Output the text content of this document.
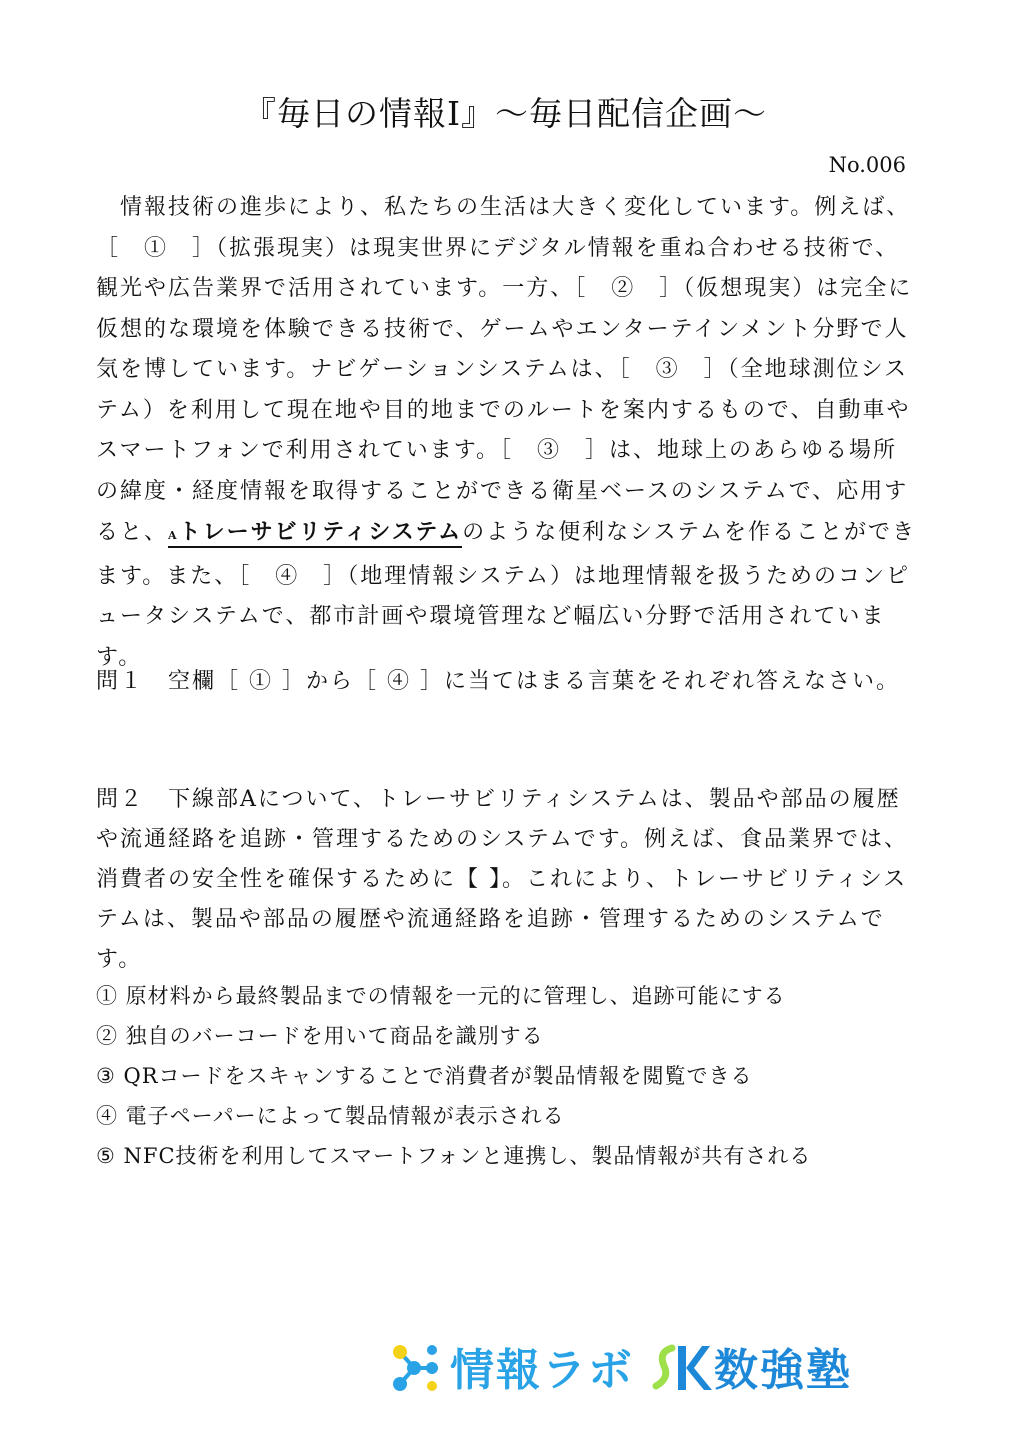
『毎日の情報Ⅰ』〜毎日配信企画〜
No.006

　情報技術の進歩により、私たちの生活は大きく変化しています。例えば、［　①　］（拡張現実）は現実世界にデジタル情報を重ね合わせる技術で、観光や広告業界で活用されています。一方、［　②　］（仮想現実）は完全に仮想的な環境を体験できる技術で、ゲームやエンターテインメント分野で人気を博しています。ナビゲーションシステムは、［　③　］（全地球測位システム）を利用して現在地や目的地までのルートを案内するもので、自動車やスマートフォンで利用されています。［　③　］は、地球上のあらゆる場所の緯度・経度情報を取得することができる衛星ベースのシステムで、応用すると、Aトレーサビリティシステムのような便利なシステムを作ることができます。また、［　④　］（地理情報システム）は地理情報を扱うためのコンピュータシステムで、都市計画や環境管理など幅広い分野で活用されています。

問１　空欄［ ① ］から［ ④ ］に当てはまる言葉をそれぞれ答えなさい。

問２　下線部Aについて、トレーサビリティシステムは、製品や部品の履歴や流通経路を追跡・管理するためのシステムです。例えば、食品業界では、消費者の安全性を確保するために【 】。これにより、トレーサビリティシステムは、製品や部品の履歴や流通経路を追跡・管理するためのシステムです。

① 原材料から最終製品までの情報を一元的に管理し、追跡可能にする
② 独自のバーコードを用いて商品を識別する
③ QRコードをスキャンすることで消費者が製品情報を閲覧できる
④ 電子ペーパーによって製品情報が表示される
⑤ NFC技術を利用してスマートフォンと連携し、製品情報が共有される
情報ラボ 数強塾
